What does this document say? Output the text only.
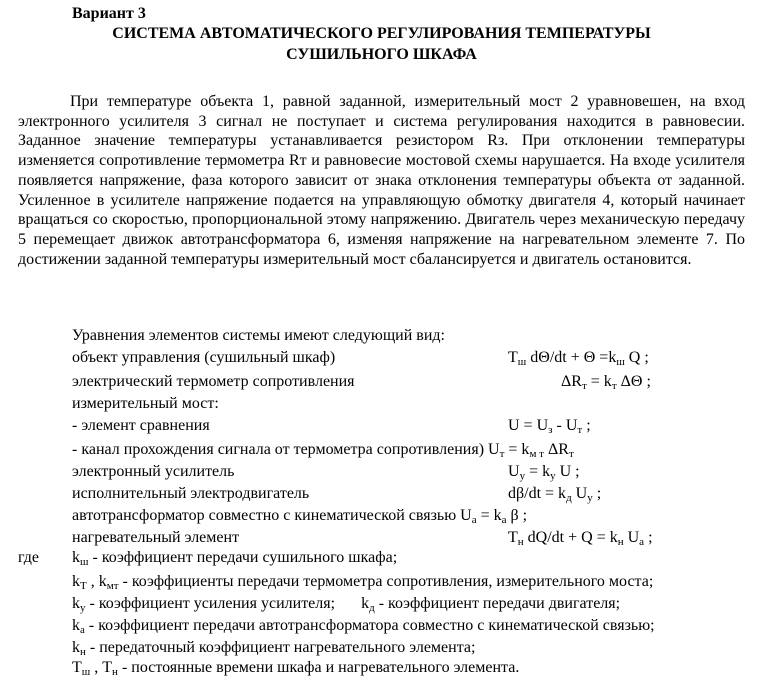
Вариант 3
СИСТЕМА АВТОМАТИЧЕСКОГО РЕГУЛИРОВАНИЯ ТЕМПЕРАТУРЫ
СУШИЛЬНОГО ШКАФА

При температуре объекта 1, равной заданной, измерительный мост 2 уравновешен, на вход электронного усилителя 3 сигнал не поступает и система регулирования находится в равновесии. Заданное значение температуры устанавливается резистором Rз. При отклонении температуры изменяется сопротивление термометра Rт и равновесие мостовой схемы нарушается. На входе усилителя появляется напряжение, фаза которого зависит от знака отклонения температуры объекта от заданной. Усиленное в усилителе напряжение подается на управляющую обмотку двигателя 4, который начинает вращаться со скоростью, пропорциональной этому напряжению. Двигатель через механическую передачу 5 перемещает движок автотрансформатора 6, изменяя напряжение на нагревательном элементе 7. По достижении заданной температуры измерительный мост сбалансируется и двигатель остановится.

Уравнения элементов системы имеют следующий вид:
объект управления (сушильный шкаф)	$T_ш$ $d\Theta/dt + \Theta =k_ш$ Q ;
электрический термометр сопротивления	$\Delta R_т = k_т$ ΔΘ ;
измерительный мост:
- элемент сравнения	$U = U_з - U_т$ ;
- канал прохождения сигнала от термометра сопротивления) $U_т = k_{м т}$ $\Delta R_т$
электронный усилитель	$U_у = k_у$ U ;
исполнительный электродвигатель	$d\beta/dt = k_д$ $U_у$ ;
автотрансформатор совместно с кинематической связью $U_а = k_а$ β ;
нагревательный элемент	$T_н$ $dQ/dt + Q = k_н$ $U_а$ ;
где $k_ш$ - коэффициент передачи сушильного шкафа;
$k_Т$ , $k_{мт}$ - коэффициенты передачи термометра сопротивления, измерительного моста;
$k_у$ - коэффициент усиления усилителя; $k_д$ - коэффициент передачи двигателя;
$k_а$ - коэффициент передачи автотрансформатора совместно с кинематической связью;
$k_н$ - передаточный коэффициент нагревательного элемента;
$T_ш$ , $T_н$ - постоянные времени шкафа и нагревательного элемента.
